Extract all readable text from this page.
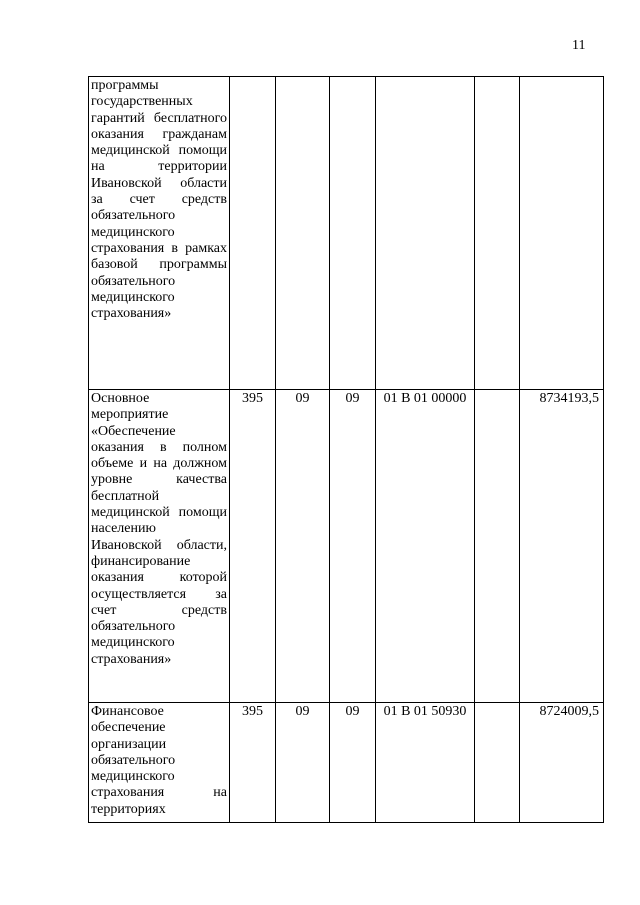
11
программы государственных гарантий бесплатного оказания гражданам медицинской помощи на территории Ивановской области за счет средств обязательного медицинского страхования в рамках базовой программы обязательного медицинского страхования»						

Основное мероприятие «Обеспечение оказания в полном объеме и на должном уровне качества бесплатной медицинской помощи населению Ивановской области, финансирование оказания которой осуществляется за счет средств обязательного медицинского страхования»	395	09	09	01 В 01 00000		8734193,5

Финансовое обеспечение организации обязательного медицинского страхования на территориях	395	09	09	01 В 01 50930		8724009,5
